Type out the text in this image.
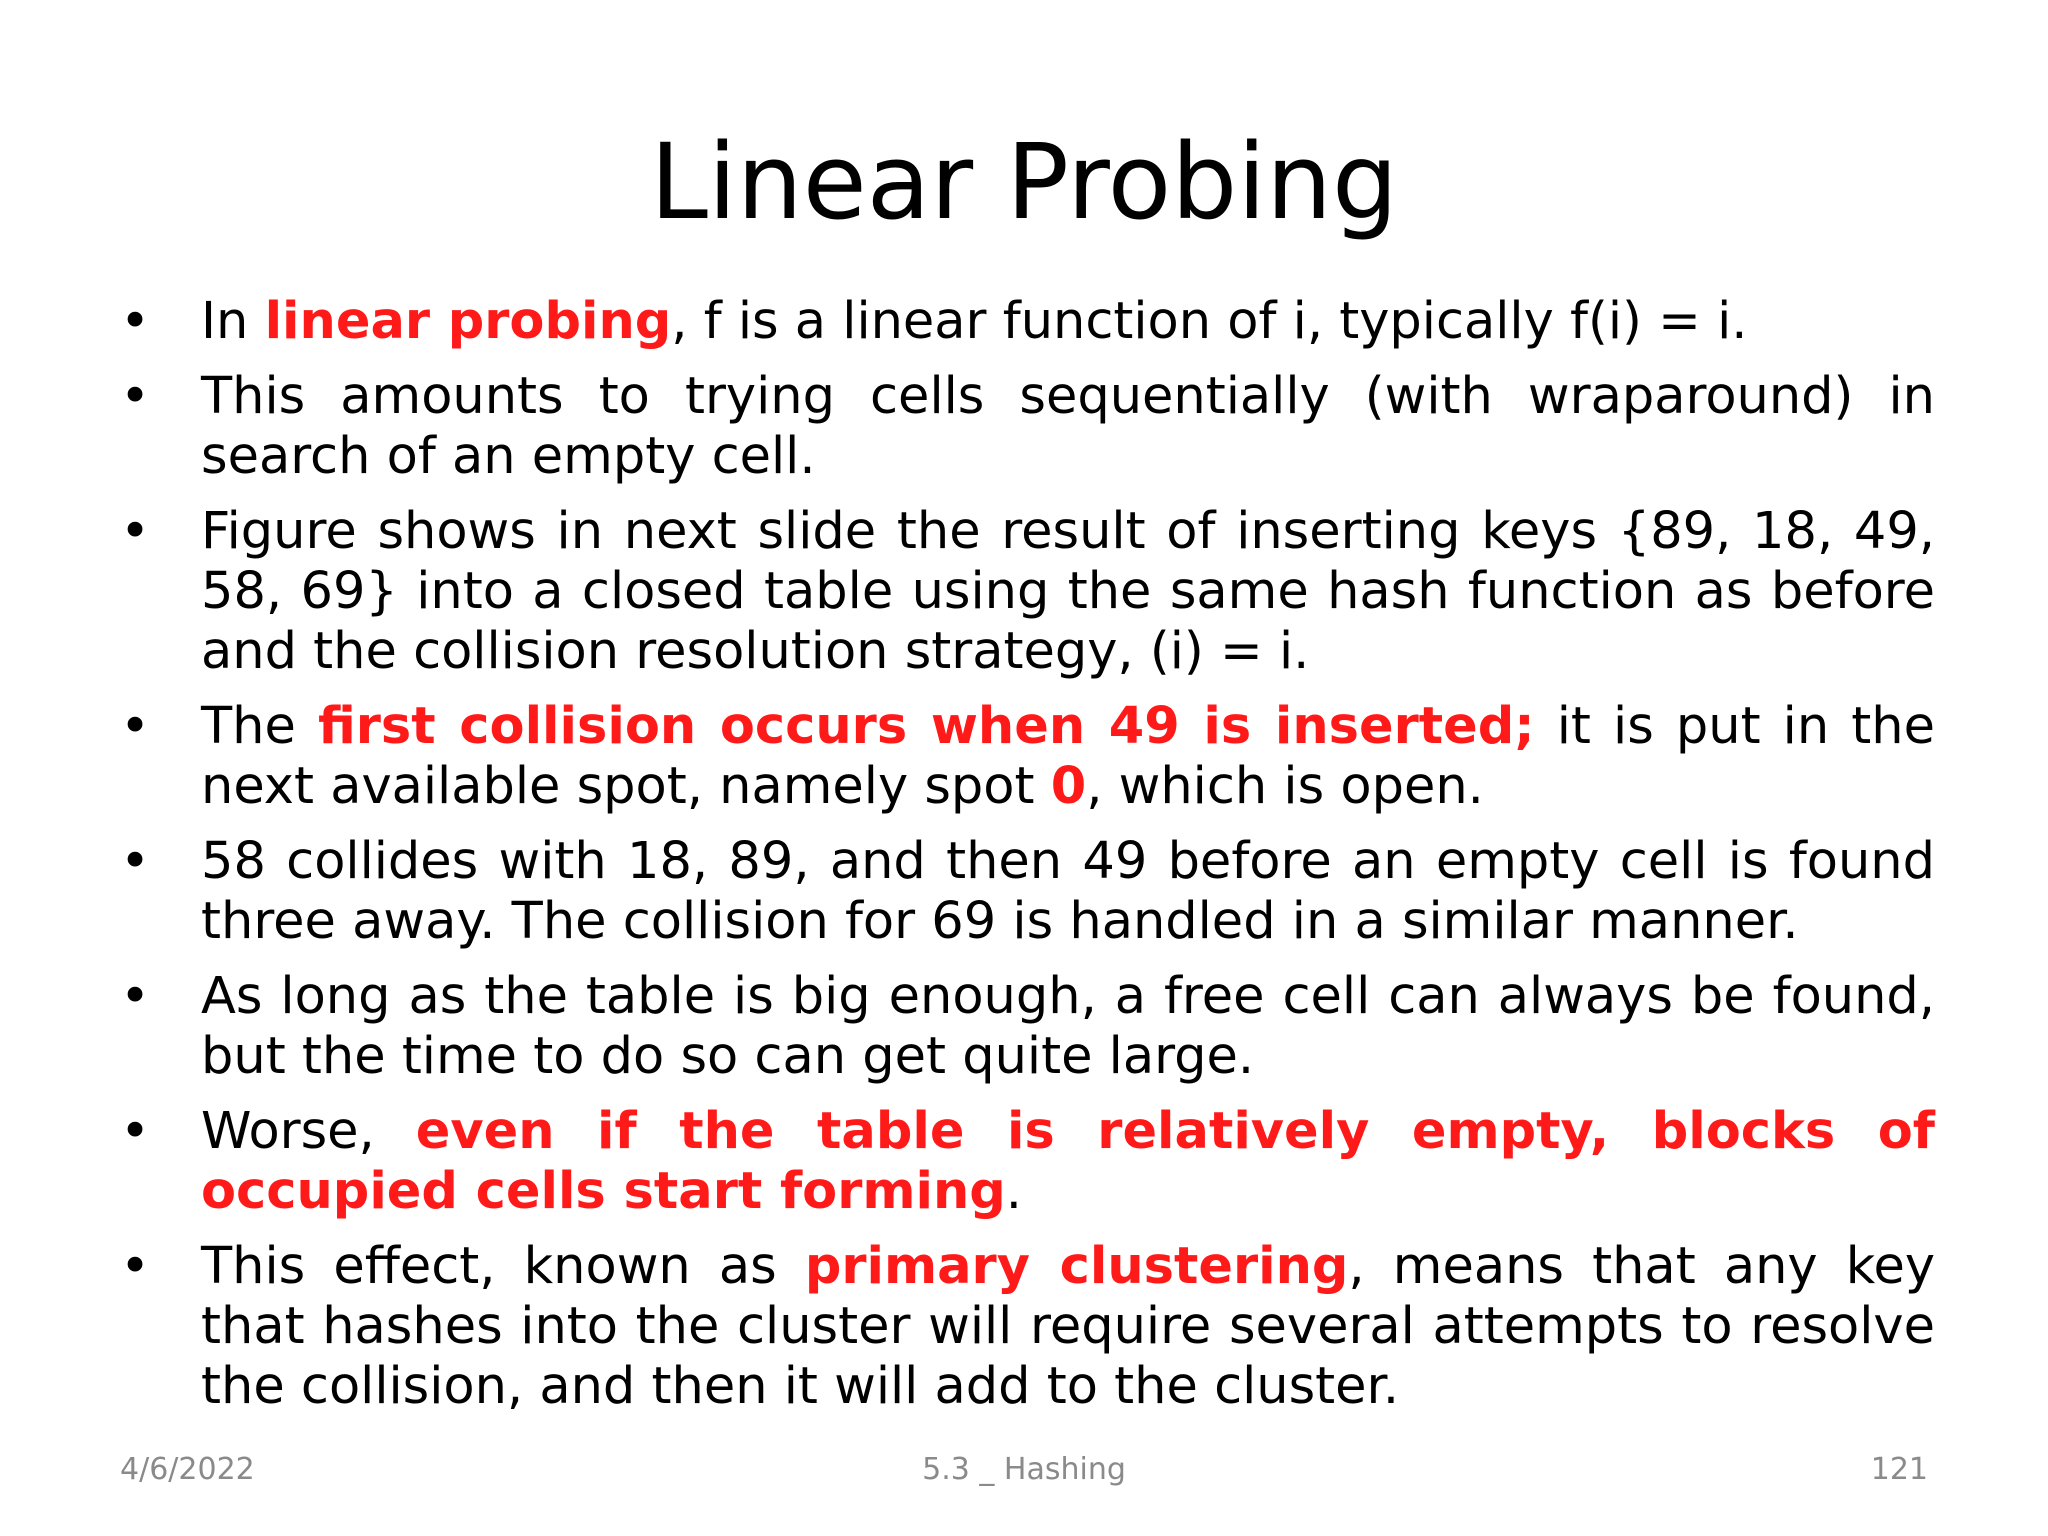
Linear Probing
• In linear probing, f is a linear function of i, typically f(i) = i.
• This amounts to trying cells sequentially (with wraparound) in search of an empty cell.
• Figure shows in next slide the result of inserting keys {89, 18, 49, 58, 69} into a closed table using the same hash function as before and the collision resolution strategy, (i) = i.
• The first collision occurs when 49 is inserted; it is put in the next available spot, namely spot 0, which is open.
• 58 collides with 18, 89, and then 49 before an empty cell is found three away. The collision for 69 is handled in a similar manner.
• As long as the table is big enough, a free cell can always be found, but the time to do so can get quite large.
• Worse, even if the table is relatively empty, blocks of occupied cells start forming.
• This effect, known as primary clustering, means that any key that hashes into the cluster will require several attempts to resolve the collision, and then it will add to the cluster.
4/6/2022	5.3 _ Hashing	121
